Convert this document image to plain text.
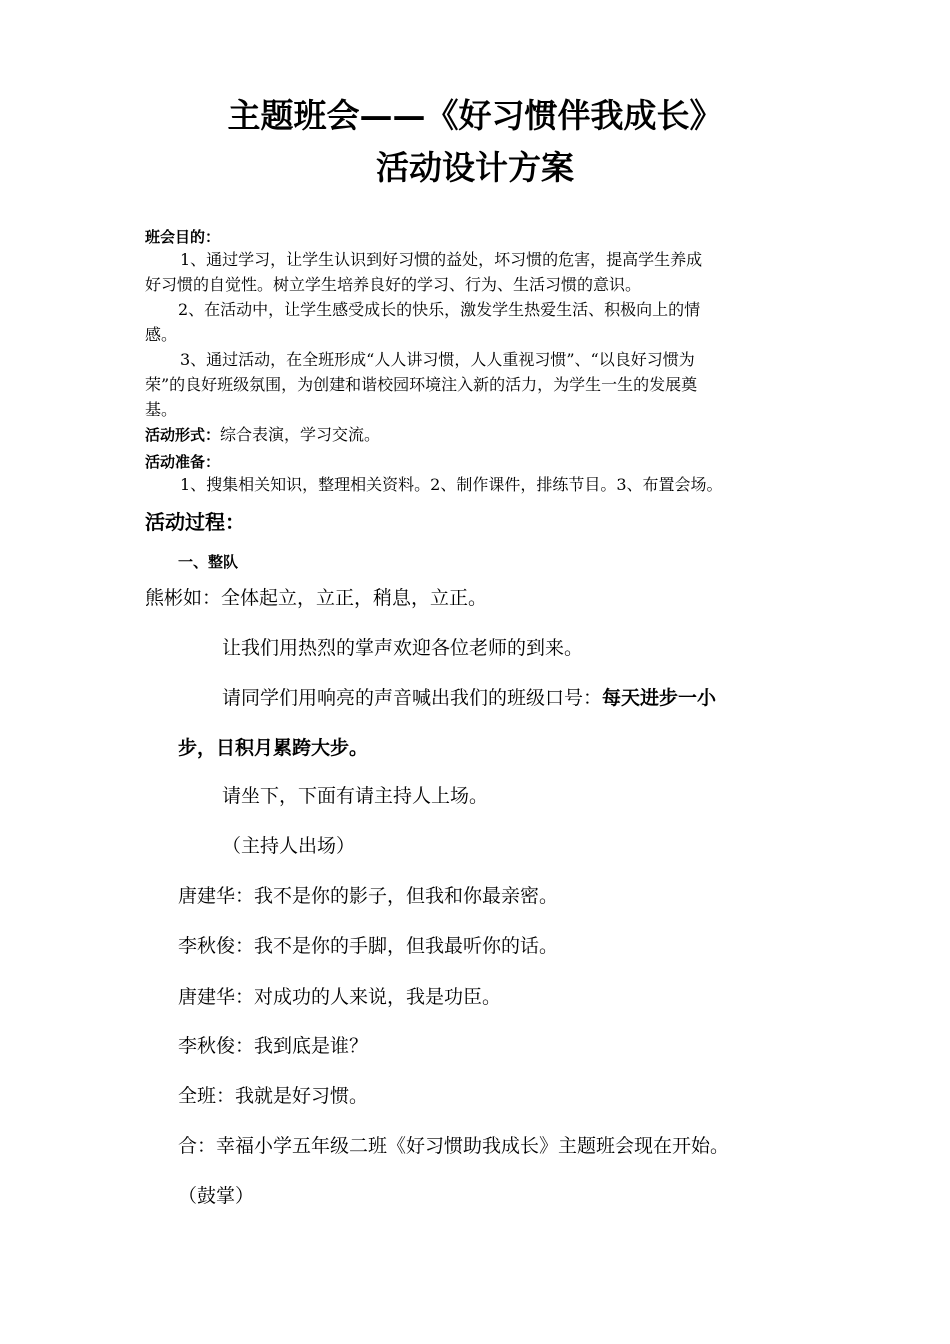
主题班会——《好习惯伴我成长》

活动设计方案

班会目的：

1、通过学习，让学生认识到好习惯的益处，坏习惯的危害，提高学生养成

好习惯的自觉性。树立学生培养良好的学习、行为、生活习惯的意识。

2、在活动中，让学生感受成长的快乐，激发学生热爱生活、积极向上的情

感。

3、通过活动，在全班形成“人人讲习惯，人人重视习惯”、“以良好习惯为

荣”的良好班级氛围，为创建和谐校园环境注入新的活力，为学生一生的发展奠

基。

活动形式：综合表演，学习交流。

活动准备：

1、搜集相关知识，整理相关资料。2、制作课件，排练节目。3、布置会场。

活动过程：

一、整队

熊彬如：全体起立，立正，稍息，立正。

让我们用热烈的掌声欢迎各位老师的到来。

请同学们用响亮的声音喊出我们的班级口号：每天进步一小

步，日积月累跨大步。

请坐下，下面有请主持人上场。

（主持人出场）

唐建华：我不是你的影子，但我和你最亲密。

李秋俊：我不是你的手脚，但我最听你的话。

唐建华：对成功的人来说，我是功臣。

李秋俊：我到底是谁？

全班：我就是好习惯。

合：幸福小学五年级二班《好习惯助我成长》主题班会现在开始。

（鼓掌）
